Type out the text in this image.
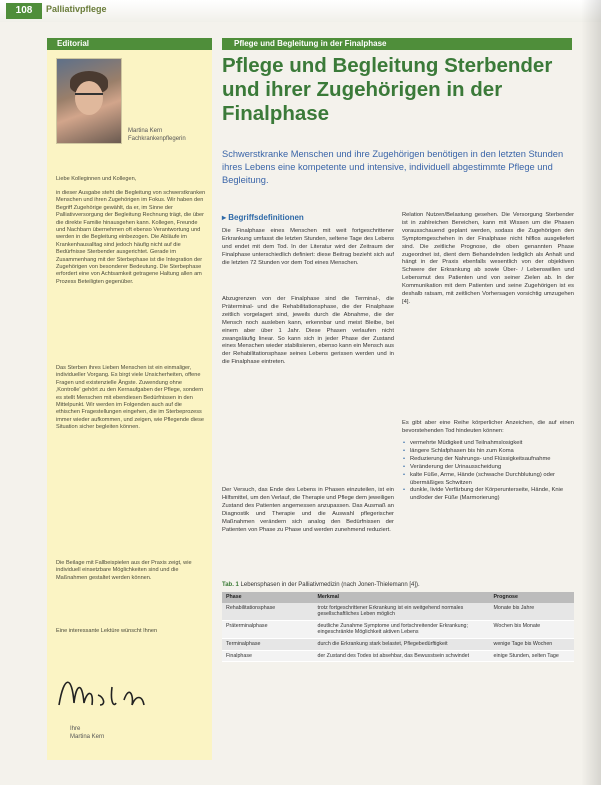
108	Palliativpflege
Editorial
Martina Kern
Fachkrankenpflegerin
Liebe Kolleginnen und Kollegen,
in dieser Ausgabe steht die Begleitung von schwerstkranken Menschen und ihren Zugehörigen im Fokus. Wir haben den Begriff Zugehörige gewählt, da er, im Sinne der Palliativversorgung der Begleitung Rechnung trägt, die über die direkte Familie hinausgehen kann. Kollegen, Freunde und Nachbarn übernehmen oft ebenso Verantwortung und werden in die Begleitung einbezogen. Die Abläufe im Krankenhausalltag sind jedoch häufig nicht auf die Bedürfnisse Sterbender ausgerichtet. Gerade im Zusammenhang mit der Sterbephase ist die Integration der Zugehörigen von besonderer Bedeutung. Die Sterbephase erfordert eine von Achtsamkeit getragene Haltung allen am Prozess Beteiligten gegenüber.
Das Sterben ihres Lieben Menschen ist ein einmaliger, individueller Vorgang. Es birgt viele Unsicherheiten, offene Fragen und existenzielle Ängste. Zuwendung ohne ‚Kontrolle' gehört zu den Kernaufgaben der Pflege, sondern es stellt Menschen mit ebendiesen Bedürfnissen in den Mittelpunkt. Wir werden im Folgenden auch auf die ethischen Fragestellungen eingehen, die im Sterbeprozess immer wieder aufkommen, und zeigen, wie Pflegende diese Situation sicher begleiten können.
Die Beilage mit Fallbeispielen aus der Praxis zeigt, wie individuell einsetzbare Möglichkeiten sind und die Maßnahmen gestaltet werden können.
Eine interessante Lektüre wünscht Ihnen
Ihre
Martina Kern
Pflege und Begleitung in der Finalphase
Pflege und Begleitung Sterbender und ihrer Zugehörigen in der Finalphase
Schwerstkranke Menschen und ihre Zugehörigen benötigen in den letzten Stunden ihres Lebens eine kompetente und intensive, individuell abgestimmte Pflege und Begleitung.
▸ Begriffsdefinitionen
Die Finalphase eines Menschen mit weit fortgeschrittener Erkrankung umfasst die letzten Stunden, seltene Tage des Lebens und endet mit dem Tod. In der Literatur wird der Zeitraum der Finalphase unterschiedlich definiert: diese Beitrag bezieht sich auf die letzten 72 Stunden vor dem Tod eines Menschen.
Abzugrenzen von der Finalphase sind die Terminal-, die Präterminal- und die Rehabilitationsphase, die der Finalphase zeitlich vorgelagert sind, jeweils durch die Abnahme, die der Mensch noch ausleben kann, erkennbar und meist Bleibe, bei einem aber über 1 Jahr. Diese Phasen verlaufen nicht zwangsläufig linear. So kann sich in jeder Phase der Zustand eines Menschen wieder stabilisieren, ebenso kann ein Mensch aus der Rehabilitationsphase seines Lebens gerissen werden und in die Finalphase eintreten.
Der Versuch, das Ende des Lebens in Phasen einzuteilen, ist ein Hilfsmittel, um den Verlauf, die Therapie und Pflege dem jeweiligen Zustand des Patienten angemessen anzupassen. Das Ausmaß an Diagnostik und Therapie und die Auswahl pflegerischer Maßnahmen verändern sich analog den Bedürfnissen der Patienten von Phase zu Phase und werden zunehmend reduziert.
Relation Nutzen/Belastung gesehen. Die Versorgung Sterbender ist in zahlreichen Bereichen, kann mit Wissen um die Phasen vorausschauend geplant werden, sodass die Zugehörigen den Symptomgeschehen in der Finalphase nicht hilflos ausgeliefert sind. Die zeitliche Prognose, die oben genannten Phase zugeordnet ist, dient dem Behandelnden lediglich als Anhalt und hängt in der Praxis ebenfalls wesentlich von der objektiven Schwere der Erkrankung ab sowie Über- / Lebenswillen und Lebensmut des Patienten und von seiner Zielen ab. In der Kommunikation mit dem Patienten und seine Zugehörigen ist es deshalb ratsam, mit zeitlichen Vorhersagen vorsichtig umzugehen [4].
Es gibt aber eine Reihe körperlicher Anzeichen, die auf einen bevorstehenden Tod hindeuten können:
• vermehrte Müdigkeit und Teilnahmslosigkeit
• längere Schlafphasen bis hin zum Koma
• Reduzierung der Nahrungs- und Flüssigkeitsaufnahme
• Veränderung der Urinausscheidung
• kalte Füße, Arme, Hände (schwache Durchblutung) oder übermäßiges Schwitzen
• dunkle, livide Verfärbung der Körperunterseite, Hände, Knie und/oder der Füße (Marmorierung)
Tab. 1 Lebensphasen in der Palliativmedizin (nach Jonen-Thielemann [4]).
Phase	Merkmal	Prognose
Rehabilitationsphase	trotz fortgeschrittener Erkrankung ist ein weitgehend normales gesellschaftliches Leben möglich	Monate bis Jahre
Präterminalphase	deutliche Zunahme Symptome und fortschreitender Erkrankung; eingeschränkte Möglichkeit aktiven Lebens	Wochen bis Monate
Terminalphase	durch die Erkrankung stark belastet, Pflegebedürftigkeit	wenige Tage bis Wochen
Finalphase	der Zustand des Todes ist absehbar, das Bewusstsein schwindet	einige Stunden, selten Tage
